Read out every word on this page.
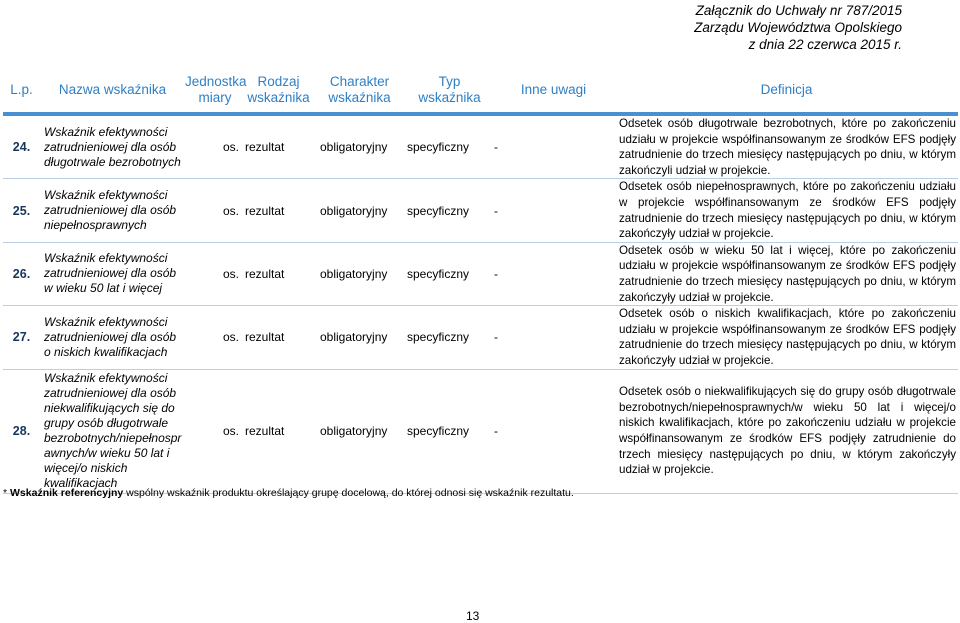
Załącznik do Uchwały nr 787/2015
Zarządu Województwa Opolskiego
z dnia 22 czerwca 2015 r.
L.p.	Nazwa wskaźnika	Jednostka miary	Rodzaj wskaźnika	Charakter wskaźnika	Typ wskaźnika	Inne uwagi	Definicja
24.	Wskaźnik efektywności zatrudnieniowej dla osób długotrwale bezrobotnych	os.	rezultat	obligatoryjny	specyficzny	-	Odsetek osób długotrwale bezrobotnych, które po zakończeniu udziału w projekcie współfinansowanym ze środków EFS podjęły zatrudnienie do trzech miesięcy następujących po dniu, w którym zakończyli udział w projekcie.
25.	Wskaźnik efektywności zatrudnieniowej dla osób niepełnosprawnych	os.	rezultat	obligatoryjny	specyficzny	-	Odsetek osób niepełnosprawnych, które po zakończeniu udziału w projekcie współfinansowanym ze środków EFS podjęły zatrudnienie do trzech miesięcy następujących po dniu, w którym zakończyły udział w projekcie.
26.	Wskaźnik efektywności zatrudnieniowej dla osób w wieku 50 lat i więcej	os.	rezultat	obligatoryjny	specyficzny	-	Odsetek osób w wieku 50 lat i więcej, które po zakończeniu udziału w projekcie współfinansowanym ze środków EFS podjęły zatrudnienie do trzech miesięcy następujących po dniu, w którym zakończyły udział w projekcie.
27.	Wskaźnik efektywności zatrudnieniowej dla osób o niskich kwalifikacjach	os.	rezultat	obligatoryjny	specyficzny	-	Odsetek osób o niskich kwalifikacjach, które po zakończeniu udziału w projekcie współfinansowanym ze środków EFS podjęły zatrudnienie do trzech miesięcy następujących po dniu, w którym zakończyły udział w projekcie.
28.	Wskaźnik efektywności zatrudnieniowej dla osób niekwalifikujących się do grupy osób długotrwale bezrobotnych/niepełnospr awnych/w wieku 50 lat i więcej/o niskich kwalifikacjach	os.	rezultat	obligatoryjny	specyficzny	-	Odsetek osób o niekwalifikujących się do grupy osób długotrwale bezrobotnych/niepełnosprawnych/w wieku 50 lat i więcej/o niskich kwalifikacjach, które po zakończeniu udziału w projekcie współfinansowanym ze środków EFS podjęły zatrudnienie do trzech miesięcy następujących po dniu, w którym zakończyły udział w projekcie.
* Wskaźnik referencyjny wspólny wskaźnik produktu określający grupę docelową, do której odnosi się wskaźnik rezultatu.
13
